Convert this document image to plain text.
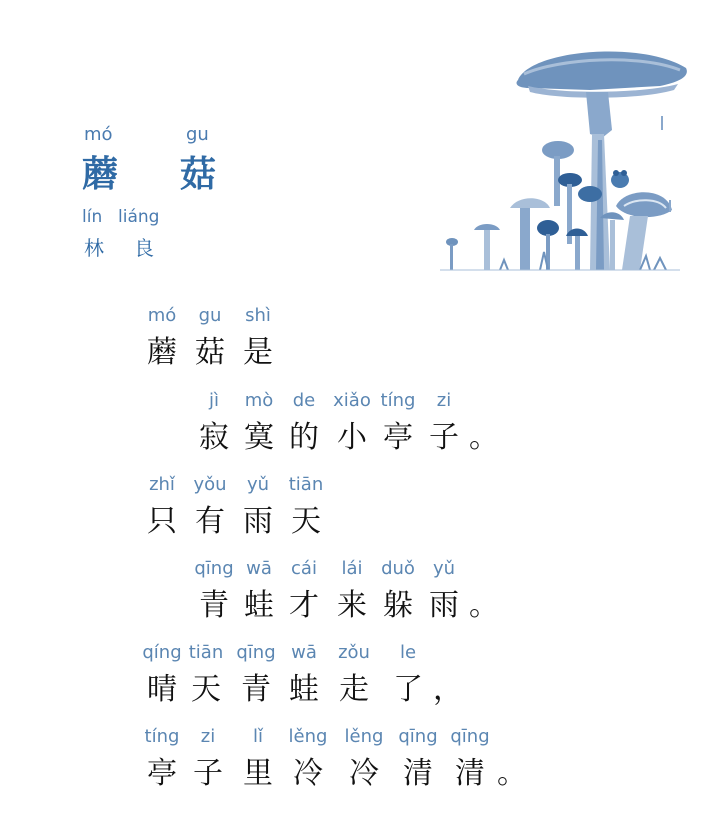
mó	gu
蘑 菇
lín liáng
林 良
mó	gu	shì
蘑 菇 是
jì	mò	de xiǎo tíng	zi
寂 寞 的 小 亭 子 。
zhǐ	yǒu	yǔ	tiān
只 有 雨 天
qīng wā	cái	lái	duǒ	yǔ
青 蛙 才 来 躲 雨 。
qíng tiān qīng wā	zǒu	le
晴 天 青 蛙 走 了 ，
tíng	zi	lǐ	lěng lěng qīng qīng
亭 子 里 冷 冷 清 清 。
